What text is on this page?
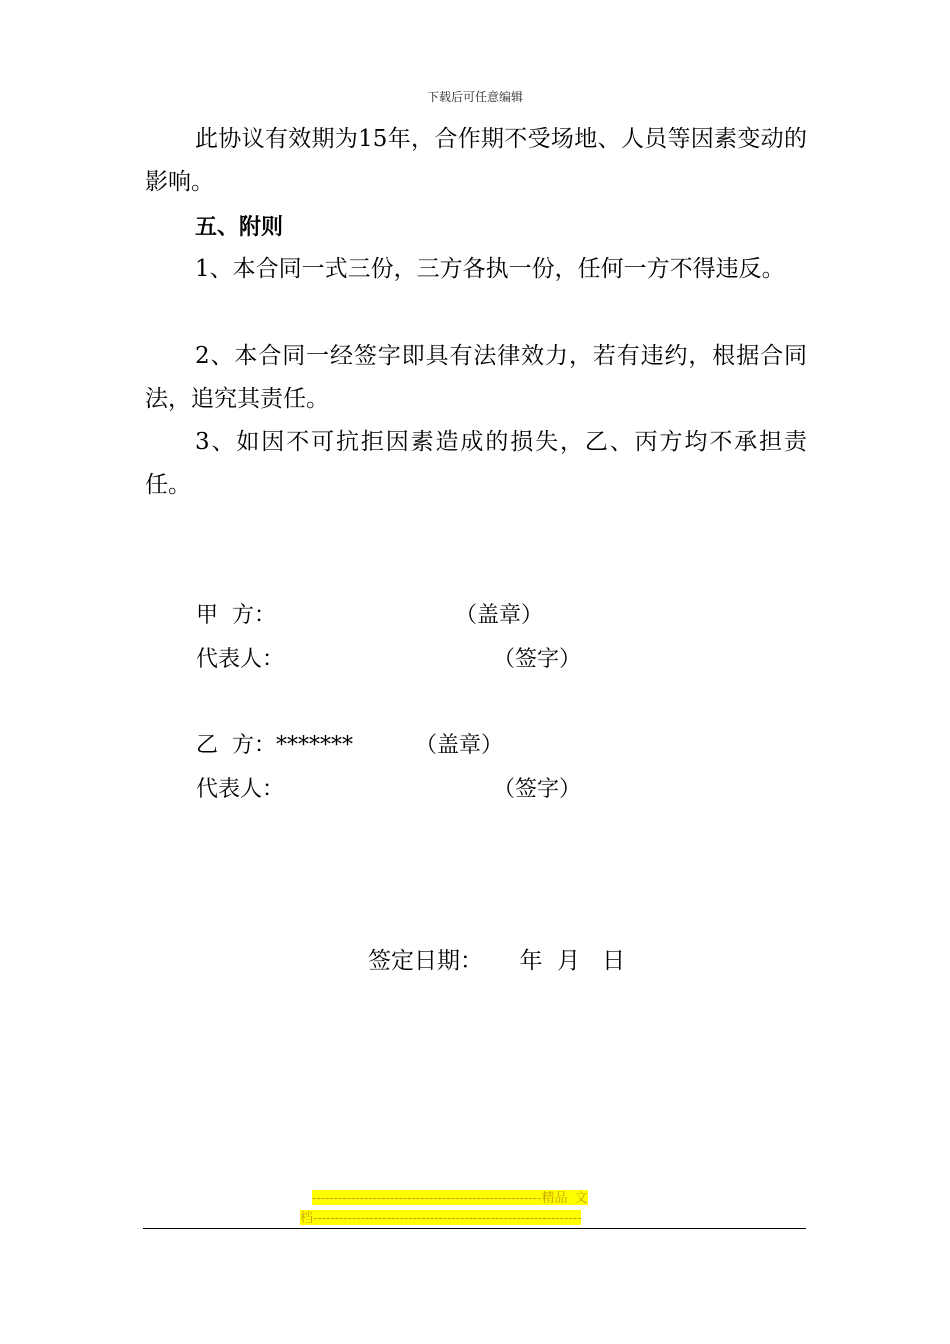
下载后可任意编辑

此协议有效期为15年，合作期不受场地、人员等因素变动的影响。

五、附则

1、本合同一式三份，三方各执一份，任何一方不得违反。

2、本合同一经签字即具有法律效力，若有违约，根据合同法，追究其责任。

3、如因不可抗拒因素造成的损失，乙、丙方均不承担责任。

甲  方：	（盖章）
代表人：	（签字）
乙  方：*******	（盖章）
代表人：	（签字）
签定日期：     年  月   日
-----------------------------------------------------精品  文
档--------------------------------------------------------------
